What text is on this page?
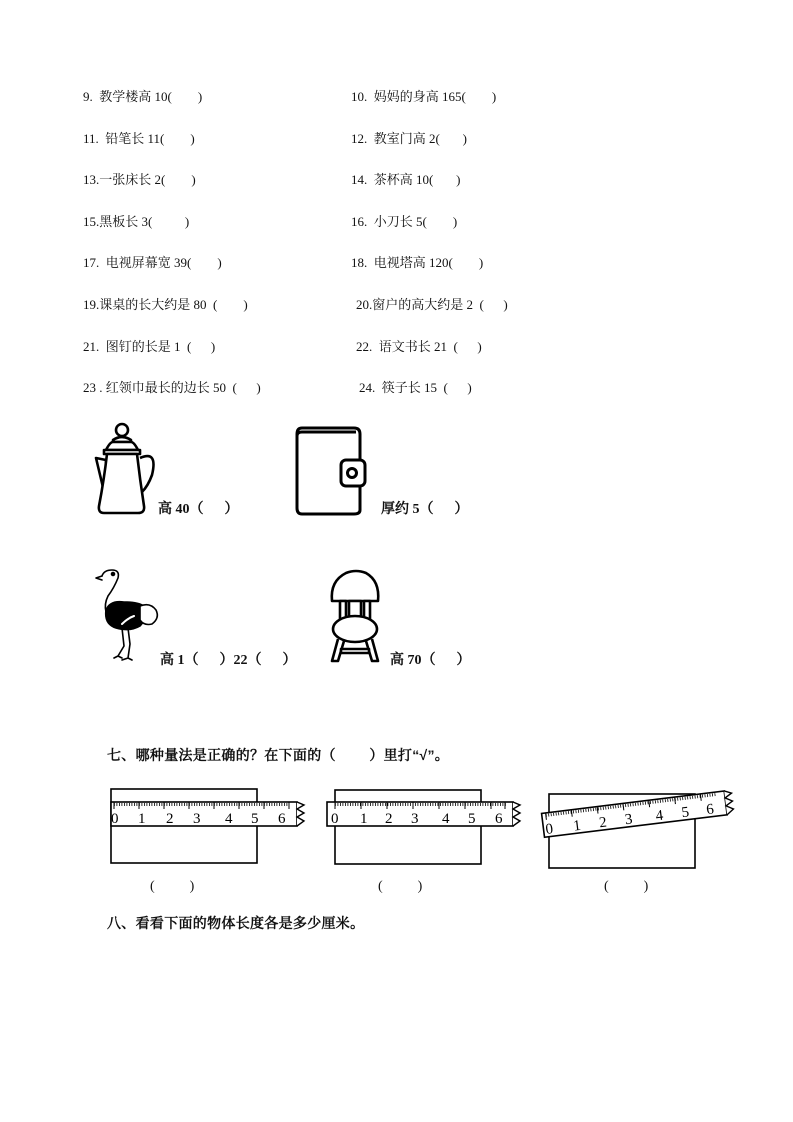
9.  教学楼高 10(        )	10.  妈妈的身高 165(        )
11.  铅笔长 11(        )	12.  教室门高 2(       )
13.一张床长 2(        )	14.  茶杯高 10(       )
15.黑板长 3(          )	16.  小刀长 5(        )
17.  电视屏幕宽 39(        )	18.  电视塔高 120(        )
19.课桌的长大约是 80  (        )	20.窗户的高大约是 2  (      )
21.  图钉的长是 1  (      )	22.  语文书长 21  (      )
23 . 红领巾最长的边长 50  (      )	24.  筷子长 15  (      )
高 40（      ）	厚约 5（      ）
高 1（      ）22（      ）	高 70（      ）
七、哪种量法是正确的？在下面的（        ）里打“√”。
0 1 2 3 4 5 6
(          )
0 1 2 3 4 5 6
(          )
0 1 2 3 4 5 6
(          )
八、看看下面的物体长度各是多少厘米。
